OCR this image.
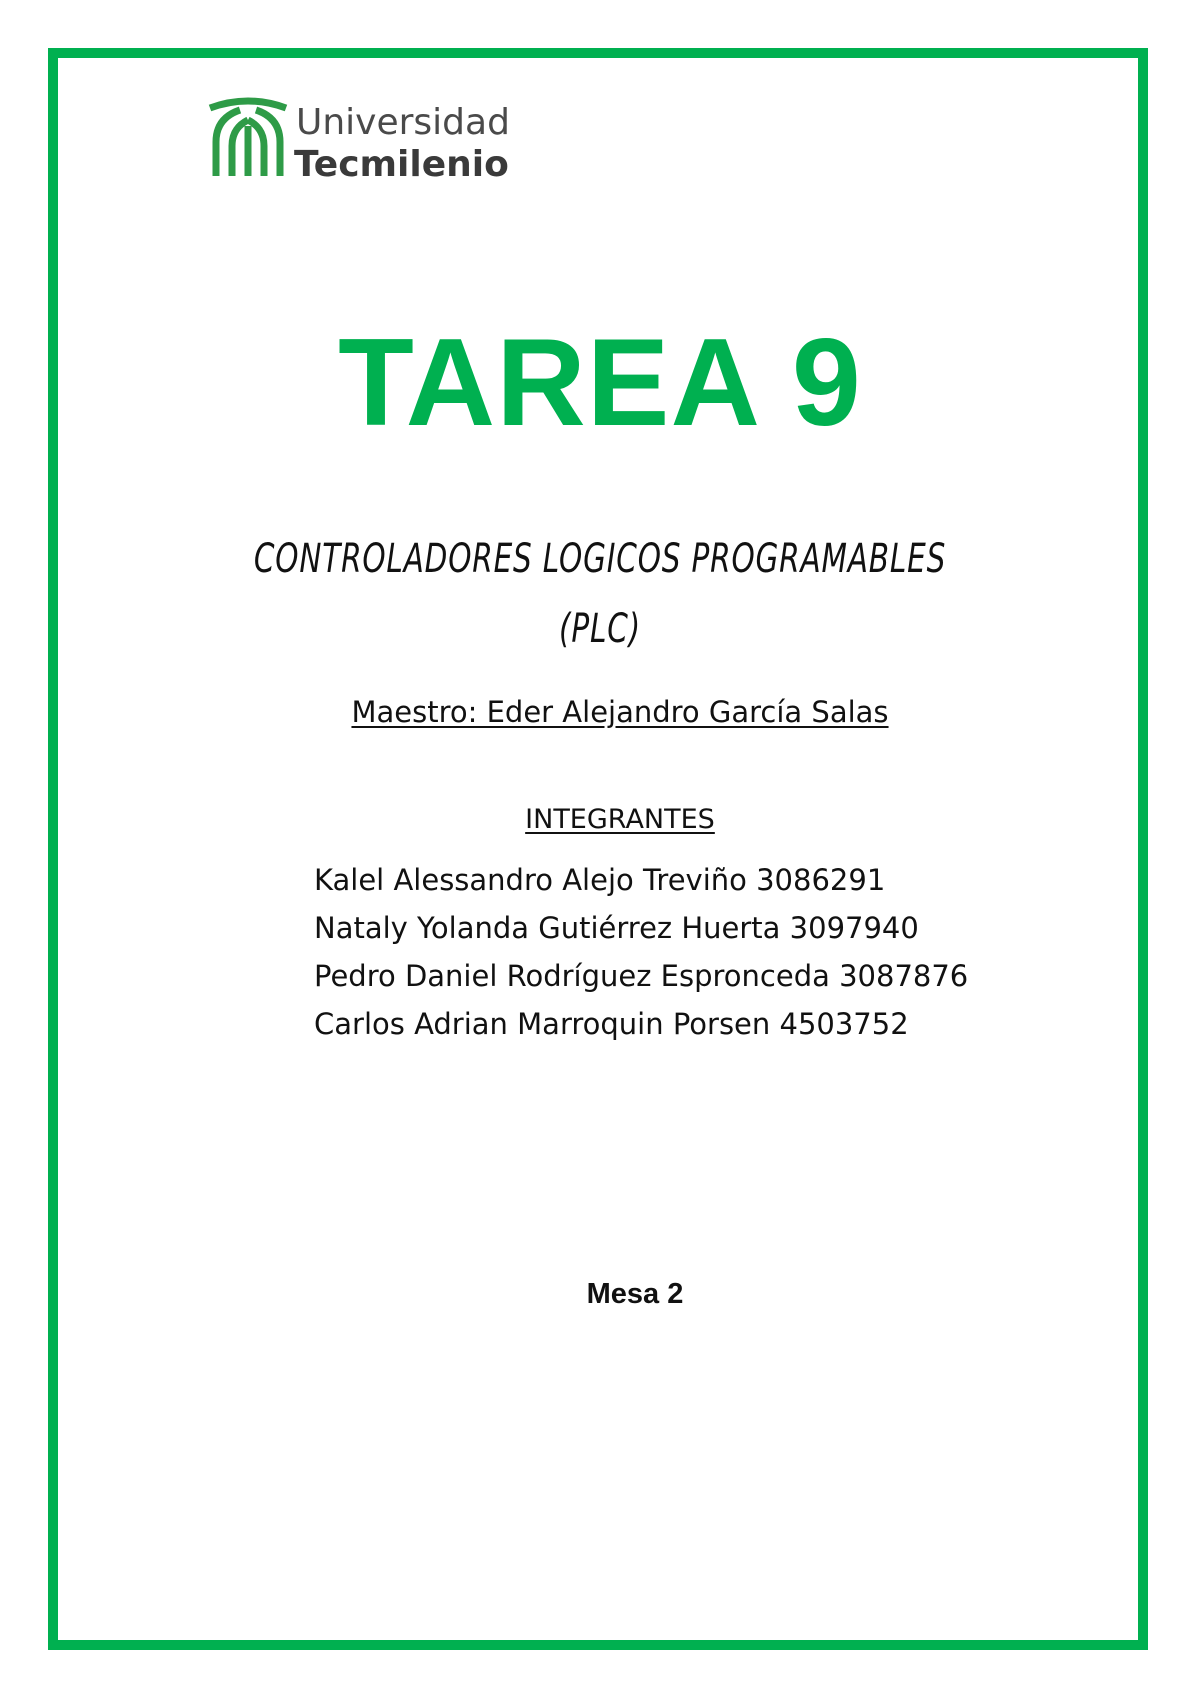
Universidad
Tecmilenio
TAREA 9
CONTROLADORES LOGICOS PROGRAMABLES
(PLC)
Maestro: Eder Alejandro García Salas
INTEGRANTES
Kalel Alessandro Alejo Treviño 3086291
Nataly Yolanda Gutiérrez Huerta 3097940
Pedro Daniel Rodríguez Espronceda 3087876
Carlos Adrian Marroquin Porsen 4503752
Mesa 2
